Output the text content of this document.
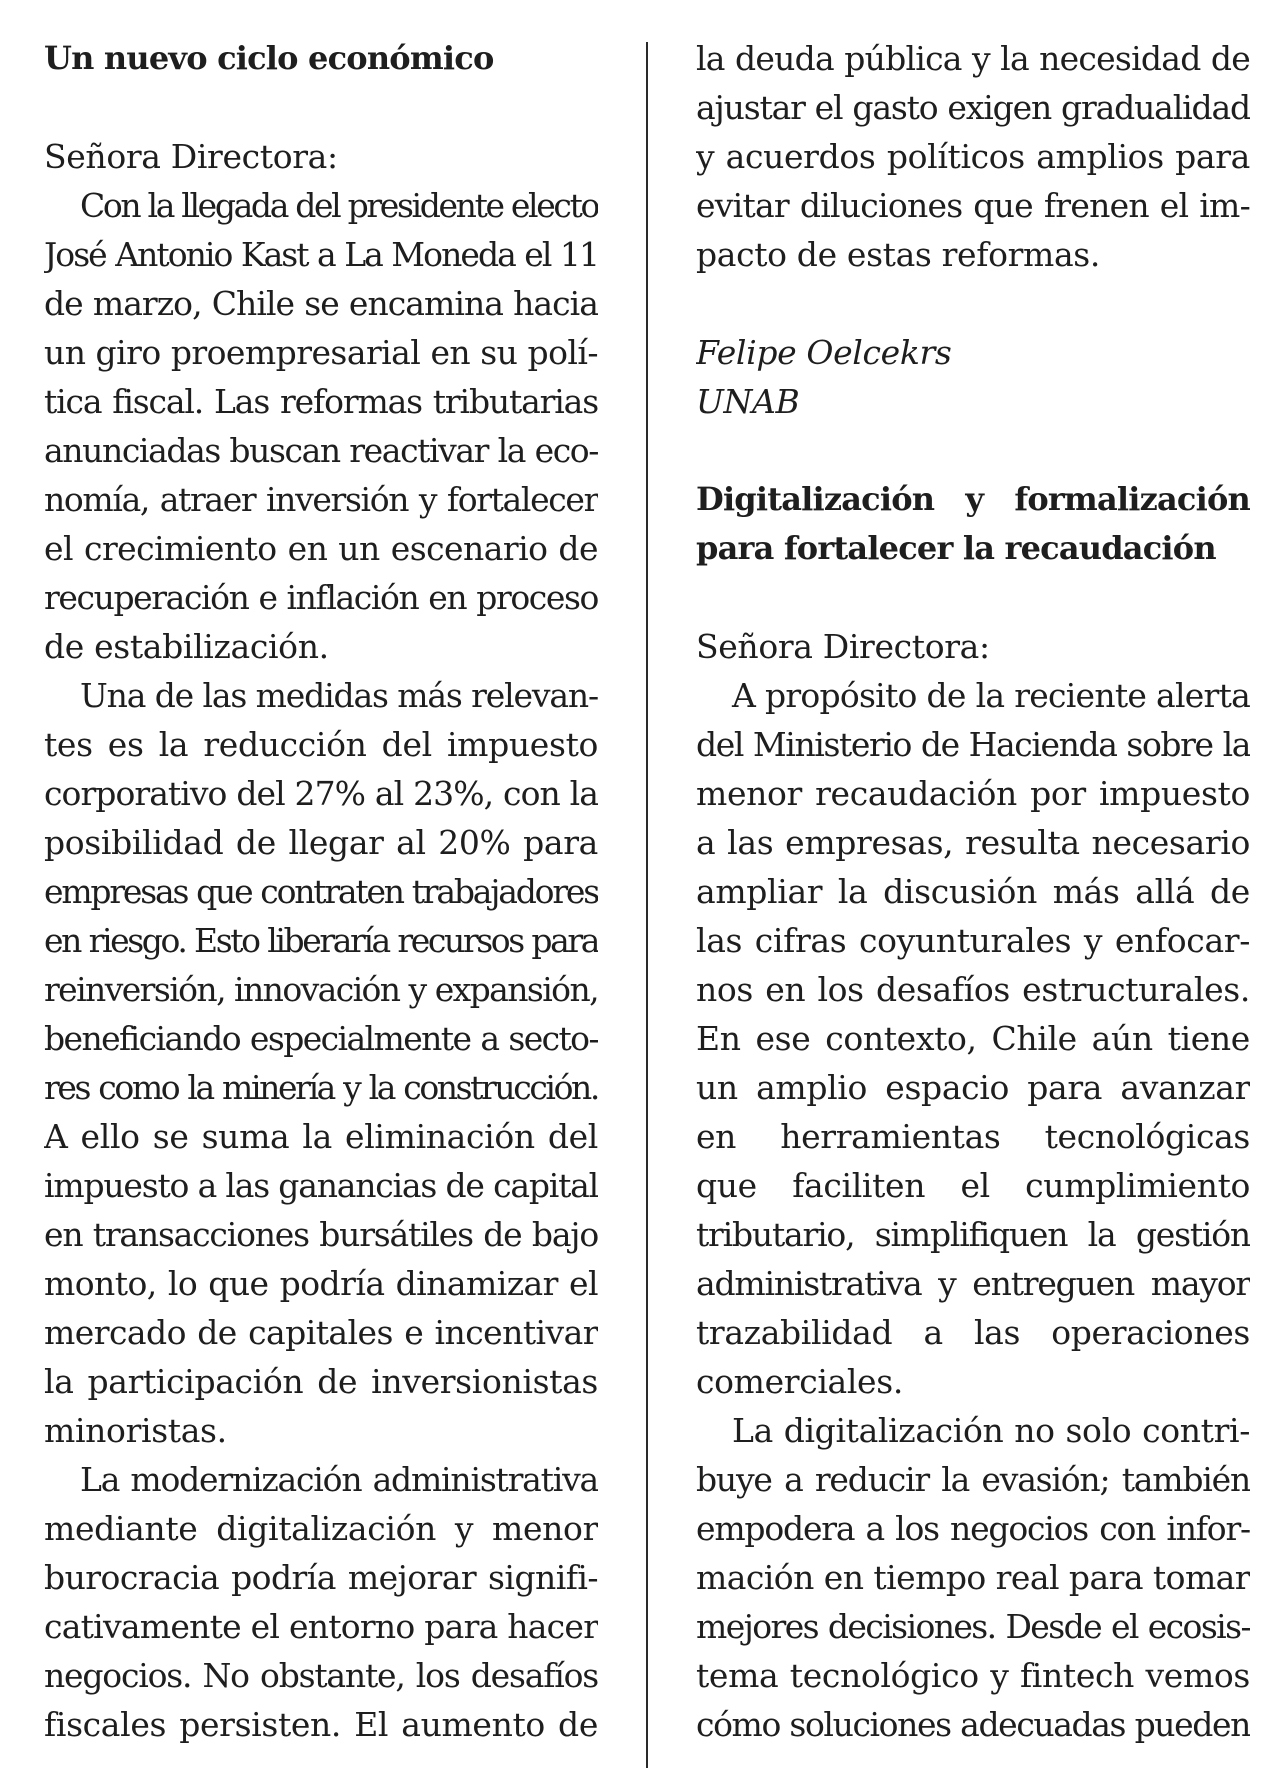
Un nuevo ciclo económico
Señora Directora:
Con la llegada del presidente electo
José Antonio Kast a La Moneda el 11
de marzo, Chile se encamina hacia
un giro proempresarial en su polí-
tica fiscal. Las reformas tributarias
anunciadas buscan reactivar la eco-
nomía, atraer inversión y fortalecer
el crecimiento en un escenario de
recuperación e inflación en proceso
de estabilización.
Una de las medidas más relevan-
tes es la reducción del impuesto
corporativo del 27% al 23%, con la
posibilidad de llegar al 20% para
empresas que contraten trabajadores
en riesgo. Esto liberaría recursos para
reinversión, innovación y expansión,
beneficiando especialmente a secto-
res como la minería y la construcción.
A ello se suma la eliminación del
impuesto a las ganancias de capital
en transacciones bursátiles de bajo
monto, lo que podría dinamizar el
mercado de capitales e incentivar
la participación de inversionistas
minoristas.
La modernización administrativa
mediante digitalización y menor
burocracia podría mejorar signifi-
cativamente el entorno para hacer
negocios. No obstante, los desafíos
fiscales persisten. El aumento de
la deuda pública y la necesidad de
ajustar el gasto exigen gradualidad
y acuerdos políticos amplios para
evitar diluciones que frenen el im-
pacto de estas reformas.
Felipe Oelcekrs
UNAB
Digitalización y formalización
para fortalecer la recaudación
Señora Directora:
A propósito de la reciente alerta
del Ministerio de Hacienda sobre la
menor recaudación por impuesto
a las empresas, resulta necesario
ampliar la discusión más allá de
las cifras coyunturales y enfocar-
nos en los desafíos estructurales.
En ese contexto, Chile aún tiene
un amplio espacio para avanzar
en herramientas tecnológicas
que faciliten el cumplimiento
tributario, simplifiquen la gestión
administrativa y entreguen mayor
trazabilidad a las operaciones
comerciales.
La digitalización no solo contri-
buye a reducir la evasión; también
empodera a los negocios con infor-
mación en tiempo real para tomar
mejores decisiones. Desde el ecosis-
tema tecnológico y fintech vemos
cómo soluciones adecuadas pueden
